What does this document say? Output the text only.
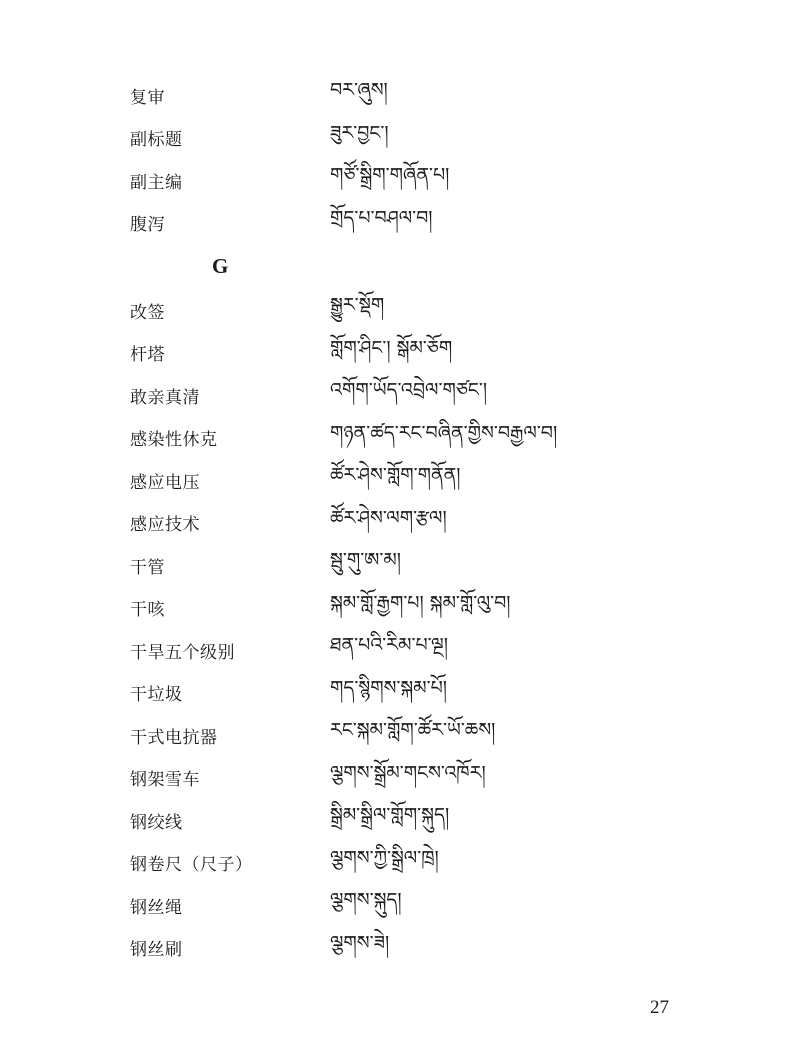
复审	བར་ཞུས།
副标题	ཟུར་བྱང་།
副主编	གཙོ་སྒྲིག་གཞོན་པ།
腹泻	གྲོད་པ་བཤལ་བ།
G
改签	སྒྱུར་སྡོག
杆塔	གློག་ཤིང་། སྒོམ་ཅོག
敢亲真清	འགོག་ཡོད་འབྲེལ་གཙང་།
感染性休克	གཉན་ཚད་རང་བཞིན་གྱིས་བརྒྱལ་བ།
感应电压	ཚོར་ཤེས་གློག་གནོན།
感应技术	ཚོར་ཤེས་ལག་རྩལ།
干管	སྦུ་གུ་ཨ་མ།
干咳	སྐམ་གློ་རྒྱག་པ། སྐམ་གློ་ལུ་བ།
干旱五个级别	ཐན་པའི་རིམ་པ་ལྔ།
干垃圾	གད་སྙིགས་སྐམ་པོ།
干式电抗器	རང་སྐམ་གློག་ཚོར་ཡོ་ཆས།
钢架雪车	ལྕགས་སྒྲོམ་གངས་འཁོར།
钢绞线	སྒྲིམ་སྒྲིལ་གློག་སྐུད།
钢卷尺（尺子）	ལྕགས་ཀྱི་སྒྲིལ་ཁྲེ།
钢丝绳	ལྕགས་སྐུད།
钢丝刷	ལྕགས་ཟེ།
27
